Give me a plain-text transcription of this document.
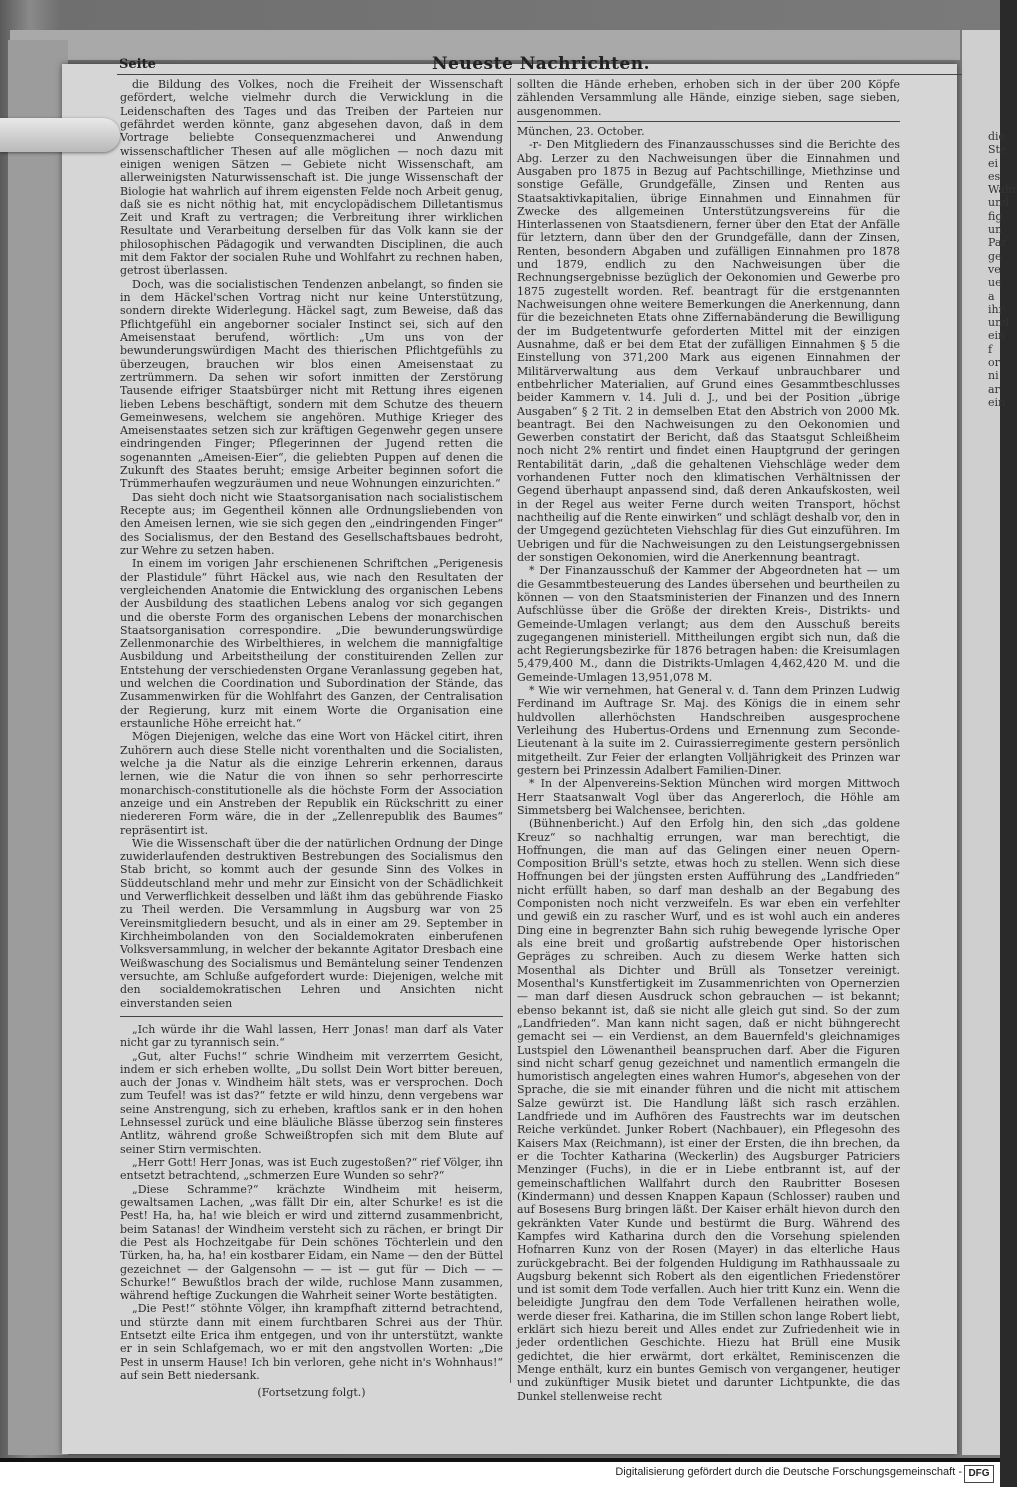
die
Ste
ei
es
Wahr
und
fig
un
Par
ge
ve
ue
a
ihr
und
ein
f
or
ni
ar
ein
Seite	Neueste Nachrichten.

die Bildung des Volkes, noch die Freiheit der Wissenschaft gefördert, welche vielmehr durch die Verwicklung in die Leidenschaften des Tages und das Treiben der Parteien nur gefährdet werden könnte, ganz abgesehen davon, daß in dem Vortrage beliebte Consequenzmacherei und Anwendung wissenschaftlicher Thesen auf alle möglichen — noch dazu mit einigen wenigen Sätzen — Gebiete nicht Wissenschaft, am allerweinigsten Naturwissenschaft ist. Die junge Wissenschaft der Biologie hat wahrlich auf ihrem eigensten Felde noch Arbeit genug, daß sie es nicht nöthig hat, mit encyclopädischem Dilletantismus Zeit und Kraft zu vertragen; die Verbreitung ihrer wirklichen Resultate und Verarbeitung derselben für das Volk kann sie der philosophischen Pädagogik und verwandten Disciplinen, die auch mit dem Faktor der socialen Ruhe und Wohlfahrt zu rechnen haben, getrost überlassen.

Doch, was die socialistischen Tendenzen anbelangt, so finden sie in dem Häckel'schen Vortrag nicht nur keine Unterstützung, sondern direkte Widerlegung. Häckel sagt, zum Beweise, daß das Pflichtgefühl ein angeborner socialer Instinct sei, sich auf den Ameisenstaat berufend, wörtlich: „Um uns von der bewunderungswürdigen Macht des thierischen Pflichtgefühls zu überzeugen, brauchen wir blos einen Ameisenstaat zu zertrümmern. Da sehen wir sofort inmitten der Zerstörung Tausende eifriger Staatsbürger nicht mit Rettung ihres eigenen lieben Lebens beschäftigt, sondern mit dem Schutze des theuern Gemeinwesens, welchem sie angehören. Muthige Krieger des Ameisenstaates setzen sich zur kräftigen Gegenwehr gegen unsere eindringenden Finger; Pflegerinnen der Jugend retten die sogenannten „Ameisen-Eier“, die geliebten Puppen auf denen die Zukunft des Staates beruht; emsige Arbeiter beginnen sofort die Trümmerhaufen wegzuräumen und neue Wohnungen einzurichten.“

Das sieht doch nicht wie Staatsorganisation nach socialistischem Recepte aus; im Gegentheil können alle Ordnungsliebenden von den Ameisen lernen, wie sie sich gegen den „eindringenden Finger“ des Socialismus, der den Bestand des Gesellschaftsbaues bedroht, zur Wehre zu setzen haben.

In einem im vorigen Jahr erschienenen Schriftchen „Perigenesis der Plastidule“ führt Häckel aus, wie nach den Resultaten der vergleichenden Anatomie die Entwicklung des organischen Lebens der Ausbildung des staatlichen Lebens analog vor sich gegangen und die oberste Form des organischen Lebens der monarchischen Staatsorganisation correspondire. „Die bewunderungswürdige Zellenmonarchie des Wirbelthieres, in welchem die mannigfaltige Ausbildung und Arbeitstheilung der constituirenden Zellen zur Entstehung der verschiedensten Organe Veranlassung gegeben hat, und welchen die Coordination und Subordination der Stände, das Zusammenwirken für die Wohlfahrt des Ganzen, der Centralisation der Regierung, kurz mit einem Worte die Organisation eine erstaunliche Höhe erreicht hat.“

Mögen Diejenigen, welche das eine Wort von Häckel citirt, ihren Zuhörern auch diese Stelle nicht vorenthalten und die Socialisten, welche ja die Natur als die einzige Lehrerin erkennen, daraus lernen, wie die Natur die von ihnen so sehr perhorrescirte monarchisch-constitutionelle als die höchste Form der Association anzeige und ein Anstreben der Republik ein Rückschritt zu einer niedereren Form wäre, die in der „Zellenrepublik des Baumes“ repräsentirt ist.

Wie die Wissenschaft über die der natürlichen Ordnung der Dinge zuwiderlaufenden destruktiven Bestrebungen des Socialismus den Stab bricht, so kommt auch der gesunde Sinn des Volkes in Süddeutschland mehr und mehr zur Einsicht von der Schädlichkeit und Verwerflichkeit desselben und läßt ihm das gebührende Fiasko zu Theil werden. Die Versammlung in Augsburg war von 25 Vereinsmitgliedern besucht, und als in einer am 29. September in Kirchheimbolanden von den Socialdemokraten einberufenen Volksversammlung, in welcher der bekannte Agitator Dresbach eine Weißwaschung des Socialismus und Bemäntelung seiner Tendenzen versuchte, am Schluße aufgefordert wurde: Diejenigen, welche mit den socialdemokratischen Lehren und Ansichten nicht einverstanden seien

„Ich würde ihr die Wahl lassen, Herr Jonas! man darf als Vater nicht gar zu tyrannisch sein.“

„Gut, alter Fuchs!“ schrie Windheim mit verzerrtem Gesicht, indem er sich erheben wollte, „Du sollst Dein Wort bitter bereuen, auch der Jonas v. Windheim hält stets, was er versprochen. Doch zum Teufel! was ist das?“ fetzte er wild hinzu, denn vergebens war seine Anstrengung, sich zu erheben, kraftlos sank er in den hohen Lehnsessel zurück und eine bläuliche Blässe überzog sein finsteres Antlitz, während große Schweißtropfen sich mit dem Blute auf seiner Stirn vermischten.

„Herr Gott! Herr Jonas, was ist Euch zugestoßen?“ rief Völger, ihn entsetzt betrachtend, „schmerzen Eure Wunden so sehr?“

„Diese Schramme?“ krächzte Windheim mit heiserm, gewaltsamen Lachen, „was fällt Dir ein, alter Schurke! es ist die Pest! Ha, ha, ha! wie bleich er wird und zitternd zusammenbricht, beim Satanas! der Windheim versteht sich zu rächen, er bringt Dir die Pest als Hochzeitgabe für Dein schönes Töchterlein und den Türken, ha, ha, ha! ein kostbarer Eidam, ein Name — den der Büttel gezeichnet — der Galgensohn — — ist — gut für — Dich — — Schurke!“ Bewußtlos brach der wilde, ruchlose Mann zusammen, während heftige Zuckungen die Wahrheit seiner Worte bestätigten.

„Die Pest!“ stöhnte Völger, ihn krampfhaft zitternd betrachtend, und stürzte dann mit einem furchtbaren Schrei aus der Thür. Entsetzt eilte Erica ihm entgegen, und von ihr unterstützt, wankte er in sein Schlafgemach, wo er mit den angstvollen Worten: „Die Pest in unserm Hause! Ich bin verloren, gehe nicht in's Wohnhaus!“ auf sein Bett niedersank.

(Fortsetzung folgt.)

sollten die Hände erheben, erhoben sich in der über 200 Köpfe zählenden Versammlung alle Hände, einzige sieben, sage sieben, ausgenommen.

München, 23. October.

-r- Den Mitgliedern des Finanzausschusses sind die Berichte des Abg. Lerzer zu den Nachweisungen über die Einnahmen und Ausgaben pro 1875 in Bezug auf Pachtschillinge, Miethzinse und sonstige Gefälle, Grundgefälle, Zinsen und Renten aus Staatsaktivkapitalien, übrige Einnahmen und Einnahmen für Zwecke des allgemeinen Unterstützungsvereins für die Hinterlassenen von Staatsdienern, ferner über den Etat der Anfälle für letztern, dann über den der Grundgefälle, dann der Zinsen, Renten, besondern Abgaben und zufälligen Einnahmen pro 1878 und 1879, endlich zu den Nachweisungen über die Rechnungsergebnisse bezüglich der Oekonomien und Gewerbe pro 1875 zugestellt worden. Ref. beantragt für die erstgenannten Nachweisungen ohne weitere Bemerkungen die Anerkennung, dann für die bezeichneten Etats ohne Ziffernabänderung die Bewilligung der im Budgetentwurfe geforderten Mittel mit der einzigen Ausnahme, daß er bei dem Etat der zufälligen Einnahmen § 5 die Einstellung von 371,200 Mark aus eigenen Einnahmen der Militärverwaltung aus dem Verkauf unbrauchbarer und entbehrlicher Materialien, auf Grund eines Gesammtbeschlusses beider Kammern v. 14. Juli d. J., und bei der Position „übrige Ausgaben“ § 2 Tit. 2 in demselben Etat den Abstrich von 2000 Mk. beantragt. Bei den Nachweisungen zu den Oekonomien und Gewerben constatirt der Bericht, daß das Staatsgut Schleißheim noch nicht 2% rentirt und findet einen Hauptgrund der geringen Rentabilität darin, „daß die gehaltenen Viehschläge weder dem vorhandenen Futter noch den klimatischen Verhältnissen der Gegend überhaupt anpassend sind, daß deren Ankaufskosten, weil in der Regel aus weiter Ferne durch weiten Transport, höchst nachtheilig auf die Rente einwirken“ und schlägt deshalb vor, den in der Umgegend gezüchteten Viehschlag für dies Gut einzuführen. Im Uebrigen und für die Nachweisungen zu den Leistungsergebnissen der sonstigen Oekonomien, wird die Anerkennung beantragt.

* Der Finanzausschuß der Kammer der Abgeordneten hat — um die Gesammtbesteuerung des Landes übersehen und beurtheilen zu können — von den Staatsministerien der Finanzen und des Innern Aufschlüsse über die Größe der direkten Kreis-, Distrikts- und Gemeinde-Umlagen verlangt; aus dem den Ausschuß bereits zugegangenen ministeriell. Mittheilungen ergibt sich nun, daß die acht Regierungsbezirke für 1876 betragen haben: die Kreisumlagen 5,479,400 M., dann die Distrikts-Umlagen 4,462,420 M. und die Gemeinde-Umlagen 13,951,078 M.

* Wie wir vernehmen, hat General v. d. Tann dem Prinzen Ludwig Ferdinand im Auftrage Sr. Maj. des Königs die in einem sehr huldvollen allerhöchsten Handschreiben ausgesprochene Verleihung des Hubertus-Ordens und Ernennung zum Seconde-Lieutenant à la suite im 2. Cuirassierregimente gestern persönlich mitgetheilt. Zur Feier der erlangten Volljährigkeit des Prinzen war gestern bei Prinzessin Adalbert Familien-Diner.

* In der Alpenvereins-Sektion München wird morgen Mittwoch Herr Staatsanwalt Vogl über das Angererloch, die Höhle am Simmetsberg bei Walchensee, berichten.

(Bühnenbericht.) Auf den Erfolg hin, den sich „das goldene Kreuz“ so nachhaltig errungen, war man berechtigt, die Hoffnungen, die man auf das Gelingen einer neuen Opern-Composition Brüll's setzte, etwas hoch zu stellen. Wenn sich diese Hoffnungen bei der jüngsten ersten Aufführung des „Landfrieden“ nicht erfüllt haben, so darf man deshalb an der Begabung des Componisten noch nicht verzweifeln. Es war eben ein verfehlter und gewiß ein zu rascher Wurf, und es ist wohl auch ein anderes Ding eine in begrenzter Bahn sich ruhig bewegende lyrische Oper als eine breit und großartig aufstrebende Oper historischen Gepräges zu schreiben. Auch zu diesem Werke hatten sich Mosenthal als Dichter und Brüll als Tonsetzer vereinigt. Mosenthal's Kunstfertigkeit im Zusammenrichten von Opernerzien — man darf diesen Ausdruck schon gebrauchen — ist bekannt; ebenso bekannt ist, daß sie nicht alle gleich gut sind. So der zum „Landfrieden“. Man kann nicht sagen, daß er nicht bühngerecht gemacht sei — ein Verdienst, an dem Bauernfeld's gleichnamiges Lustspiel den Löwenantheil beanspruchen darf. Aber die Figuren sind nicht scharf genug gezeichnet und namentlich ermangeln die humoristisch angelegten eines wahren Humor's, abgesehen von der Sprache, die sie mit einander führen und die nicht mit attischem Salze gewürzt ist. Die Handlung läßt sich rasch erzählen. Landfriede und im Aufhören des Faustrechts war im deutschen Reiche verkündet. Junker Robert (Nachbauer), ein Pflegesohn des Kaisers Max (Reichmann), ist einer der Ersten, die ihn brechen, da er die Tochter Katharina (Weckerlin) des Augsburger Patriciers Menzinger (Fuchs), in die er in Liebe entbrannt ist, auf der gemeinschaftlichen Wallfahrt durch den Raubritter Bosesen (Kindermann) und dessen Knappen Kapaun (Schlosser) rauben und auf Bosesens Burg bringen läßt. Der Kaiser erhält hievon durch den gekränkten Vater Kunde und bestürmt die Burg. Während des Kampfes wird Katharina durch den die Vorsehung spielenden Hofnarren Kunz von der Rosen (Mayer) in das elterliche Haus zurückgebracht. Bei der folgenden Huldigung im Rathhaussaale zu Augsburg bekennt sich Robert als den eigentlichen Friedenstörer und ist somit dem Tode verfallen. Auch hier tritt Kunz ein. Wenn die beleidigte Jungfrau den dem Tode Verfallenen heirathen wolle, werde dieser frei. Katharina, die im Stillen schon lange Robert liebt, erklärt sich hiezu bereit und Alles endet zur Zufriedenheit wie in jeder ordentlichen Geschichte. Hiezu hat Brüll eine Musik gedichtet, die hier erwärmt, dort erkältet, Reminiscenzen die Menge enthält, kurz ein buntes Gemisch von vergangener, heutiger und zukünftiger Musik bietet und darunter Lichtpunkte, die das Dunkel stellenweise recht

Digitalisierung gefördert durch die Deutsche Forschungsgemeinschaft - DFG
